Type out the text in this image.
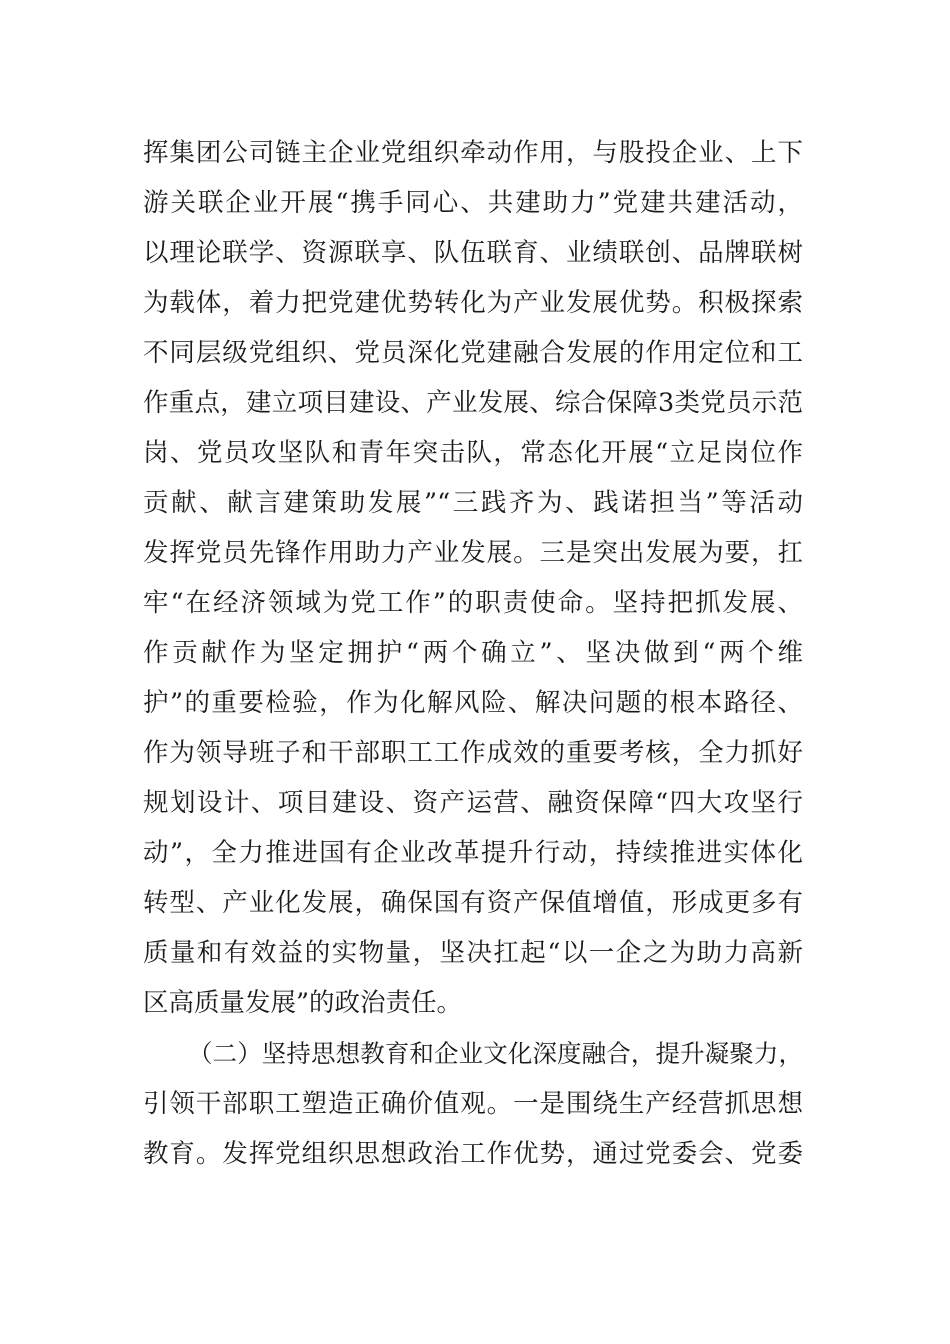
挥集团公司链主企业党组织牵动作用，与股投企业、上下
游关联企业开展“携手同心、共建助力”党建共建活动，
以理论联学、资源联享、队伍联育、业绩联创、品牌联树
为载体，着力把党建优势转化为产业发展优势。积极探索
不同层级党组织、党员深化党建融合发展的作用定位和工
作重点，建立项目建设、产业发展、综合保障3类党员示范
岗、党员攻坚队和青年突击队，常态化开展“立足岗位作
贡献、献言建策助发展”“三践齐为、践诺担当”等活动
发挥党员先锋作用助力产业发展。三是突出发展为要，扛
牢“在经济领域为党工作”的职责使命。坚持把抓发展、
作贡献作为坚定拥护“两个确立”、坚决做到“两个维
护”的重要检验，作为化解风险、解决问题的根本路径、
作为领导班子和干部职工工作成效的重要考核，全力抓好
规划设计、项目建设、资产运营、融资保障“四大攻坚行
动”，全力推进国有企业改革提升行动，持续推进实体化
转型、产业化发展，确保国有资产保值增值，形成更多有
质量和有效益的实物量，坚决扛起“以一企之为助力高新
区高质量发展”的政治责任。
（二）坚持思想教育和企业文化深度融合，提升凝聚力，
引领干部职工塑造正确价值观。一是围绕生产经营抓思想
教育。发挥党组织思想政治工作优势，通过党委会、党委
